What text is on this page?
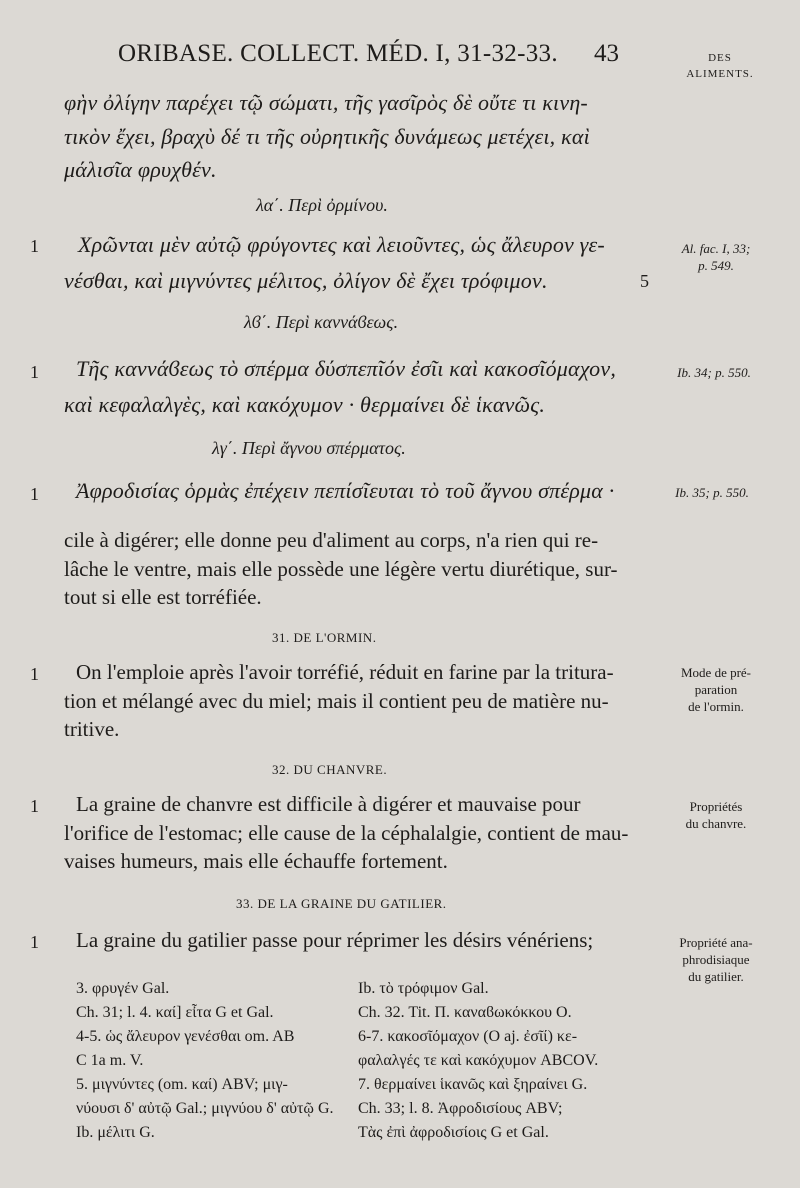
ORIBASE. COLLECT. MÉD. I, 31-32-33. 43	DES
ALIMENTS.
φὴν ὀλίγην παρέχει τῷ σώματι, τῆς γασῖρὸς δὲ οὔτε τι κινη-
τικὸν ἔχει, βραχὺ δέ τι τῆς οὐρητικῆς δυνάμεως μετέχει, καὶ
μάλισῖα φρυχθέν.
λα΄. Περὶ ὀρμίνου.
1 Χρῶνται μὲν αὐτῷ φρύγοντες καὶ λειοῦντες, ὡς ἄλευρον γε-
νέσθαι, καὶ μιγνύντες μέλιτος, ὀλίγον δὲ ἔχει τρόφιμον.	5
Al. fac. I, 33;
p. 549.
λϐ΄. Περὶ καννάϐεως.
1 Τῆς καννάϐεως τὸ σπέρμα δύσπεπῖόν ἐσῖι καὶ κακοσῖόμαχον,
καὶ κεφαλαλγὲς, καὶ κακόχυμον · θερμαίνει δὲ ἱκανῶς.
Ib. 34; p. 550.
λγ΄. Περὶ ἄγνου σπέρματος.
1 Ἀφροδισίας ὁρμὰς ἐπέχειν πεπίσῖευται τὸ τοῦ ἄγνου σπέρμα ·	Ib. 35; p. 550.
cile à digérer; elle donne peu d'aliment au corps, n'a rien qui re-
lâche le ventre, mais elle possède une légère vertu diurétique, sur-
tout si elle est torréfiée.
31. DE L'ORMIN.
1 On l'emploie après l'avoir torréfié, réduit en farine par la tritura-
tion et mélangé avec du miel; mais il contient peu de matière nu-
tritive.
Mode de pré-
paration
de l'ormin.
32. DU CHANVRE.
1 La graine de chanvre est difficile à digérer et mauvaise pour
l'orifice de l'estomac; elle cause de la céphalalgie, contient de mau-
vaises humeurs, mais elle échauffe fortement.
Propriétés
du chanvre.
33. DE LA GRAINE DU GATILIER.
1 La graine du gatilier passe pour réprimer les désirs vénériens;	Propriété ana-
phrodisiaque
du gatilier.
3. φρυγέν Gal.
Ch. 31; l. 4. καί] εἶτα G et Gal.
4-5. ὡς ἄλευρον γενέσθαι om. AB
C 1a m. V.
5. μιγνύντες (om. καί) ABV; μιγ-
νύουσι δ' αὐτῷ Gal.; μιγνύου δ' αὐτῷ G.
Ib. μέλιτι G.
Ib. τὸ τρόφιμον Gal.
Ch. 32. Tit. Π. καναϐωκόκκου O.
6-7. κακοσῖόμαχον (O aj. ἐσῖί) κε-
φαλαλγές τε καὶ κακόχυμον ABCOV.
7. θερμαίνει ἱκανῶς καὶ ξηραίνει G.
Ch. 33; l. 8. Ἀφροδισίους ABV;
Τὰς ἐπὶ ἀφροδισίοις G et Gal.
